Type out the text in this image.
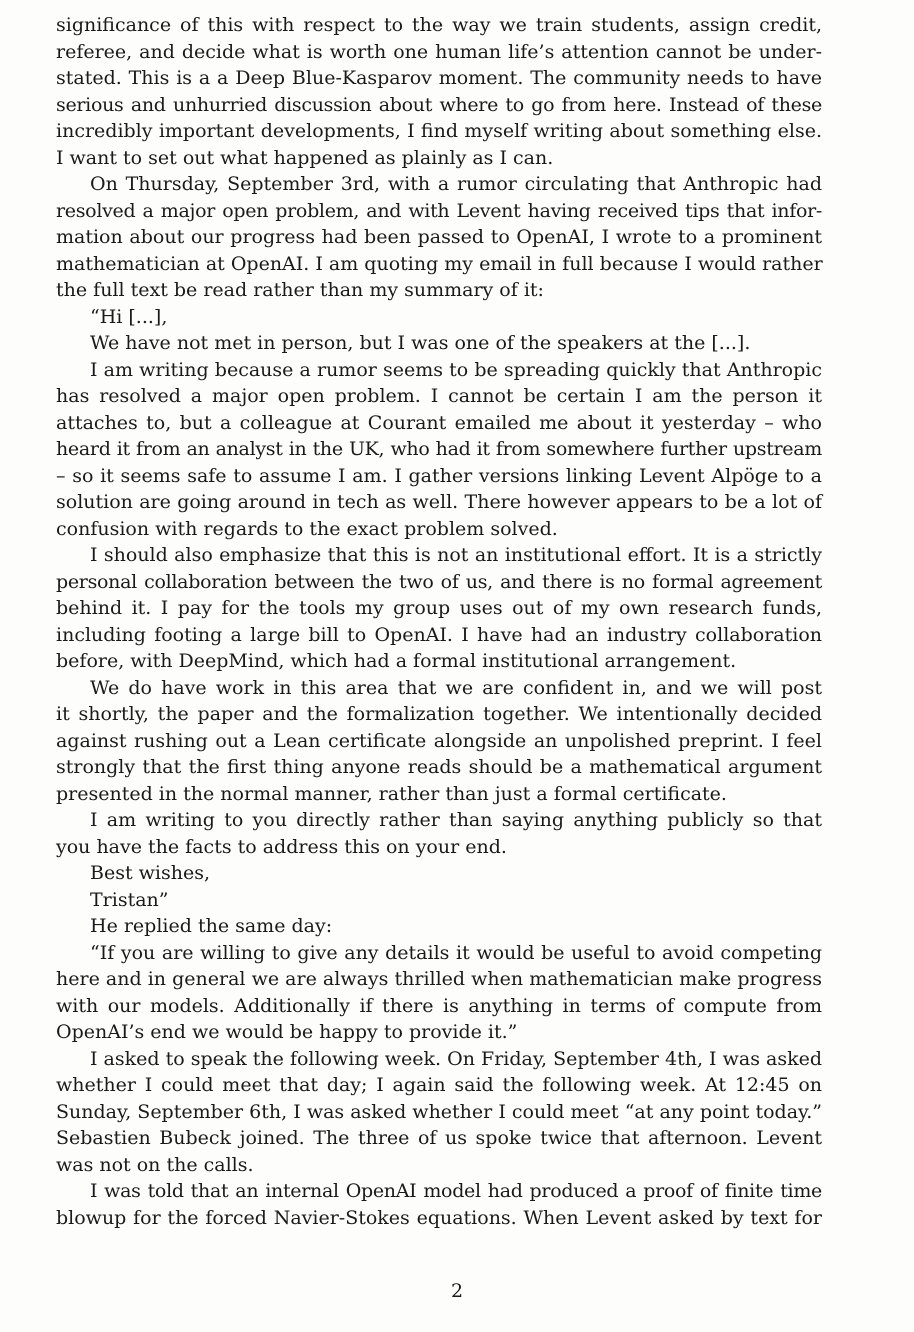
significance of this with respect to the way we train students, assign credit,
referee, and decide what is worth one human life’s attention cannot be under-
stated. This is a a Deep Blue-Kasparov moment. The community needs to have
serious and unhurried discussion about where to go from here. Instead of these
incredibly important developments, I find myself writing about something else.
I want to set out what happened as plainly as I can.
On Thursday, September 3rd, with a rumor circulating that Anthropic had
resolved a major open problem, and with Levent having received tips that infor-
mation about our progress had been passed to OpenAI, I wrote to a prominent
mathematician at OpenAI. I am quoting my email in full because I would rather
the full text be read rather than my summary of it:
“Hi [...],
We have not met in person, but I was one of the speakers at the [...].
I am writing because a rumor seems to be spreading quickly that Anthropic
has resolved a major open problem. I cannot be certain I am the person it
attaches to, but a colleague at Courant emailed me about it yesterday – who
heard it from an analyst in the UK, who had it from somewhere further upstream
– so it seems safe to assume I am. I gather versions linking Levent Alpöge to a
solution are going around in tech as well. There however appears to be a lot of
confusion with regards to the exact problem solved.
I should also emphasize that this is not an institutional effort. It is a strictly
personal collaboration between the two of us, and there is no formal agreement
behind it. I pay for the tools my group uses out of my own research funds,
including footing a large bill to OpenAI. I have had an industry collaboration
before, with DeepMind, which had a formal institutional arrangement.
We do have work in this area that we are confident in, and we will post
it shortly, the paper and the formalization together. We intentionally decided
against rushing out a Lean certificate alongside an unpolished preprint. I feel
strongly that the first thing anyone reads should be a mathematical argument
presented in the normal manner, rather than just a formal certificate.
I am writing to you directly rather than saying anything publicly so that
you have the facts to address this on your end.
Best wishes,
Tristan”
He replied the same day:
“If you are willing to give any details it would be useful to avoid competing
here and in general we are always thrilled when mathematician make progress
with our models. Additionally if there is anything in terms of compute from
OpenAI’s end we would be happy to provide it.”
I asked to speak the following week. On Friday, September 4th, I was asked
whether I could meet that day; I again said the following week. At 12:45 on
Sunday, September 6th, I was asked whether I could meet “at any point today.”
Sebastien Bubeck joined. The three of us spoke twice that afternoon. Levent
was not on the calls.
I was told that an internal OpenAI model had produced a proof of finite time
blowup for the forced Navier-Stokes equations. When Levent asked by text for
2
